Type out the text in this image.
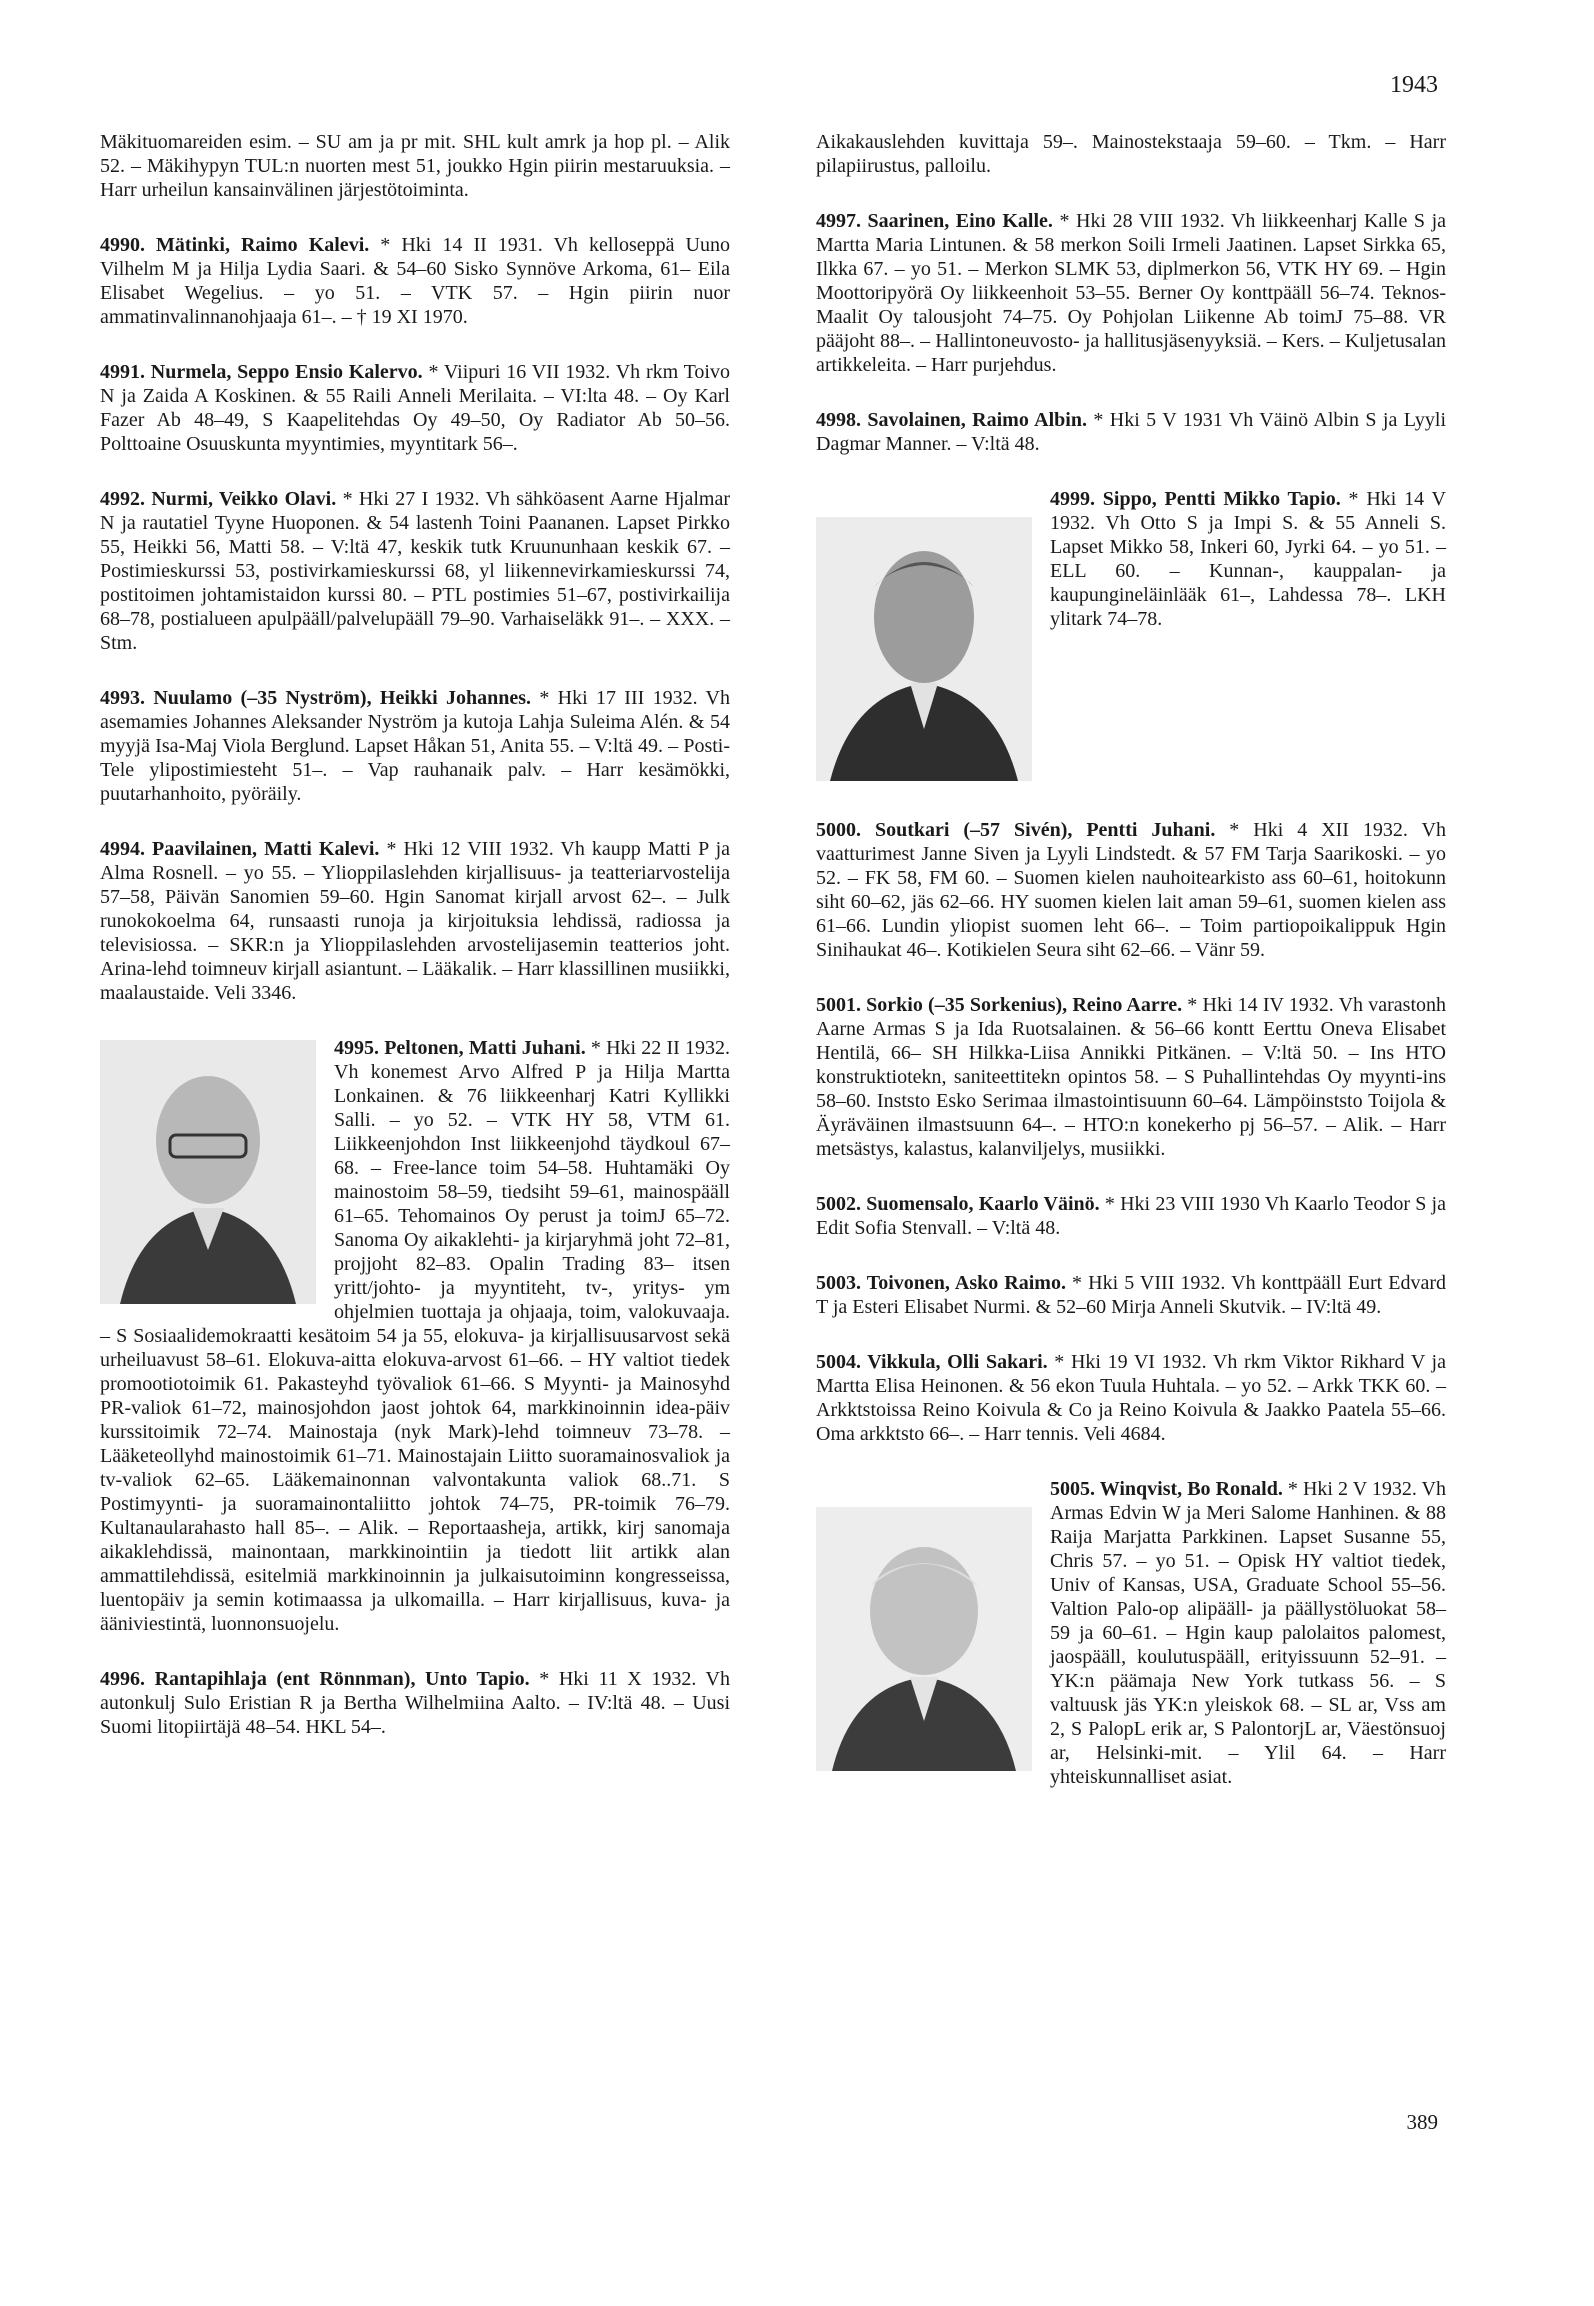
1943

Mäkituomareiden esim. – SU am ja pr mit. SHL kult amrk ja hop pl. – Alik 52. – Mäkihypyn TUL:n nuorten mest 51, joukko Hgin piirin mestaruuksia. – Harr urheilun kansainvälinen järjestötoiminta.

4990. Mätinki, Raimo Kalevi. * Hki 14 II 1931. Vh kelloseppä Uuno Vilhelm M ja Hilja Lydia Saari. & 54–60 Sisko Synnöve Arkoma, 61– Eila Elisabet Wegelius. – yo 51. – VTK 57. – Hgin piirin nuor ammatinvalinnanohjaaja 61–. – † 19 XI 1970.

4991. Nurmela, Seppo Ensio Kalervo. * Viipuri 16 VII 1932. Vh rkm Toivo N ja Zaida A Koskinen. & 55 Raili Anneli Merilaita. – VI:lta 48. – Oy Karl Fazer Ab 48–49, S Kaapelitehdas Oy 49–50, Oy Radiator Ab 50–56. Polttoaine Osuuskunta myyntimies, myyntitark 56–.

4992. Nurmi, Veikko Olavi. * Hki 27 I 1932. Vh sähköasent Aarne Hjalmar N ja rautatiel Tyyne Huoponen. & 54 lastenh Toini Paananen. Lapset Pirkko 55, Heikki 56, Matti 58. – V:ltä 47, keskik tutk Kruununhaan keskik 67. – Postimieskurssi 53, postivirkamieskurssi 68, yl liikennevirkamieskurssi 74, postitoimen johtamistaidon kurssi 80. – PTL postimies 51–67, postivirkailija 68–78, postialueen apulpääll/palvelupääll 79–90. Varhaiseläkk 91–. – XXX. – Stm.

4993. Nuulamo (–35 Nyström), Heikki Johannes. * Hki 17 III 1932. Vh asemamies Johannes Aleksander Nyström ja kutoja Lahja Suleima Alén. & 54 myyjä Isa-Maj Viola Berglund. Lapset Håkan 51, Anita 55. – V:ltä 49. – Posti-Tele ylipostimiesteht 51–. – Vap rauhanaik palv. – Harr kesämökki, puutarhanhoito, pyöräily.

4994. Paavilainen, Matti Kalevi. * Hki 12 VIII 1932. Vh kaupp Matti P ja Alma Rosnell. – yo 55. – Ylioppilaslehden kirjallisuus- ja teatteriarvostelija 57–58, Päivän Sanomien 59–60. Hgin Sanomat kirjall arvost 62–. – Julk runokokoelma 64, runsaasti runoja ja kirjoituksia lehdissä, radiossa ja televisiossa. – SKR:n ja Ylioppilaslehden arvostelijasemin teatterios joht. Arina-lehd toimneuv kirjall asiantunt. – Lääkalik. – Harr klassillinen musiikki, maalaustaide. Veli 3346.

4995. Peltonen, Matti Juhani. * Hki 22 II 1932. Vh konemest Arvo Alfred P ja Hilja Martta Lonkainen. & 76 liikkeenharj Katri Kyllikki Salli. – yo 52. – VTK HY 58, VTM 61. Liikkeenjohdon Inst liikkeenjohd täydkoul 67–68. – Free-lance toim 54–58. Huhtamäki Oy mainostoim 58–59, tiedsiht 59–61, mainospääll 61–65. Tehomainos Oy perust ja toimJ 65–72. Sanoma Oy aikaklehti- ja kirjaryhmä joht 72–81, projjoht 82–83. Opalin Trading 83– itsen yritt/johto- ja myyntiteht, tv-, yritys- ym ohjelmien tuottaja ja ohjaaja, toim, valokuvaaja. – S Sosiaalidemokraatti kesätoim 54 ja 55, elokuva- ja kirjallisuusarvost sekä urheiluavust 58–61. Elokuva-aitta elokuva-arvost 61–66. – HY valtiot tiedek promootiotoimik 61. Pakasteyhd työvaliok 61–66. S Myynti- ja Mainosyhd PR-valiok 61–72, mainosjohdon jaost johtok 64, markkinoinnin idea-päiv kurssitoimik 72–74. Mainostaja (nyk Mark)-lehd toimneuv 73–78. – Lääketeollyhd mainostoimik 61–71. Mainostajain Liitto suoramainosvaliok ja tv-valiok 62–65. Lääkemainonnan valvontakunta valiok 68..71. S Postimyynti- ja suoramainontaliitto johtok 74–75, PR-toimik 76–79. Kultanaularahasto hall 85–. – Alik. – Reportaasheja, artikk, kirj sanomaja aikaklehdissä, mainontaan, markkinointiin ja tiedott liit artikk alan ammattilehdissä, esitelmiä markkinoinnin ja julkaisutoiminn kongresseissa, luentopäiv ja semin kotimaassa ja ulkomailla. – Harr kirjallisuus, kuva- ja ääniviestintä, luonnonsuojelu.

4996. Rantapihlaja (ent Rönnman), Unto Tapio. * Hki 11 X 1932. Vh autonkulj Sulo Eristian R ja Bertha Wilhelmiina Aalto. – IV:ltä 48. – Uusi Suomi litopiirtäjä 48–54. HKL 54–.

Aikakauslehden kuvittaja 59–. Mainostekstaaja 59–60. – Tkm. – Harr pilapiirustus, palloilu.

4997. Saarinen, Eino Kalle. * Hki 28 VIII 1932. Vh liikkeenharj Kalle S ja Martta Maria Lintunen. & 58 merkon Soili Irmeli Jaatinen. Lapset Sirkka 65, Ilkka 67. – yo 51. – Merkon SLMK 53, diplmerkon 56, VTK HY 69. – Hgin Moottoripyörä Oy liikkeenhoit 53–55. Berner Oy konttpääll 56–74. Teknos-Maalit Oy talousjoht 74–75. Oy Pohjolan Liikenne Ab toimJ 75–88. VR pääjoht 88–. – Hallintoneuvosto- ja hallitusjäsenyyksiä. – Kers. – Kuljetusalan artikkeleita. – Harr purjehdus.

4998. Savolainen, Raimo Albin. * Hki 5 V 1931 Vh Väinö Albin S ja Lyyli Dagmar Manner. – V:ltä 48.

4999. Sippo, Pentti Mikko Tapio. * Hki 14 V 1932. Vh Otto S ja Impi S. & 55 Anneli S. Lapset Mikko 58, Inkeri 60, Jyrki 64. – yo 51. – ELL 60. – Kunnan-, kauppalan- ja kaupungineläinlääk 61–, Lahdessa 78–. LKH ylitark 74–78.

5000. Soutkari (–57 Sivén), Pentti Juhani. * Hki 4 XII 1932. Vh vaatturimest Janne Siven ja Lyyli Lindstedt. & 57 FM Tarja Saarikoski. – yo 52. – FK 58, FM 60. – Suomen kielen nauhoitearkisto ass 60–61, hoitokunn siht 60–62, jäs 62–66. HY suomen kielen lait aman 59–61, suomen kielen ass 61–66. Lundin yliopist suomen leht 66–. – Toim partiopoikalippuk Hgin Sinihaukat 46–. Kotikielen Seura siht 62–66. – Vänr 59.

5001. Sorkio (–35 Sorkenius), Reino Aarre. * Hki 14 IV 1932. Vh varastonh Aarne Armas S ja Ida Ruotsalainen. & 56–66 kontt Eerttu Oneva Elisabet Hentilä, 66– SH Hilkka-Liisa Annikki Pitkänen. – V:ltä 50. – Ins HTO konstruktiotekn, saniteettitekn opintos 58. – S Puhallintehdas Oy myynti-ins 58–60. Inststo Esko Serimaa ilmastointisuunn 60–64. Lämpöinststo Toijola & Äyräväinen ilmastsuunn 64–. – HTO:n konekerho pj 56–57. – Alik. – Harr metsästys, kalastus, kalanviljelys, musiikki.

5002. Suomensalo, Kaarlo Väinö. * Hki 23 VIII 1930 Vh Kaarlo Teodor S ja Edit Sofia Stenvall. – V:ltä 48.

5003. Toivonen, Asko Raimo. * Hki 5 VIII 1932. Vh konttpääll Eurt Edvard T ja Esteri Elisabet Nurmi. & 52–60 Mirja Anneli Skutvik. – IV:ltä 49.

5004. Vikkula, Olli Sakari. * Hki 19 VI 1932. Vh rkm Viktor Rikhard V ja Martta Elisa Heinonen. & 56 ekon Tuula Huhtala. – yo 52. – Arkk TKK 60. – Arkktstoissa Reino Koivula & Co ja Reino Koivula & Jaakko Paatela 55–66. Oma arkktsto 66–. – Harr tennis. Veli 4684.

5005. Winqvist, Bo Ronald. * Hki 2 V 1932. Vh Armas Edvin W ja Meri Salome Hanhinen. & 88 Raija Marjatta Parkkinen. Lapset Susanne 55, Chris 57. – yo 51. – Opisk HY valtiot tiedek, Univ of Kansas, USA, Graduate School 55–56. Valtion Palo-op alipääll- ja päällystöluokat 58–59 ja 60–61. – Hgin kaup palolaitos palomest, jaospääll, koulutuspääll, erityissuunn 52–91. – YK:n päämaja New York tutkass 56. – S valtuusk jäs YK:n yleiskok 68. – SL ar, Vss am 2, S PalopL erik ar, S PalontorjL ar, Väestönsuoj ar, Helsinki-mit. – Ylil 64. – Harr yhteiskunnalliset asiat.
389
